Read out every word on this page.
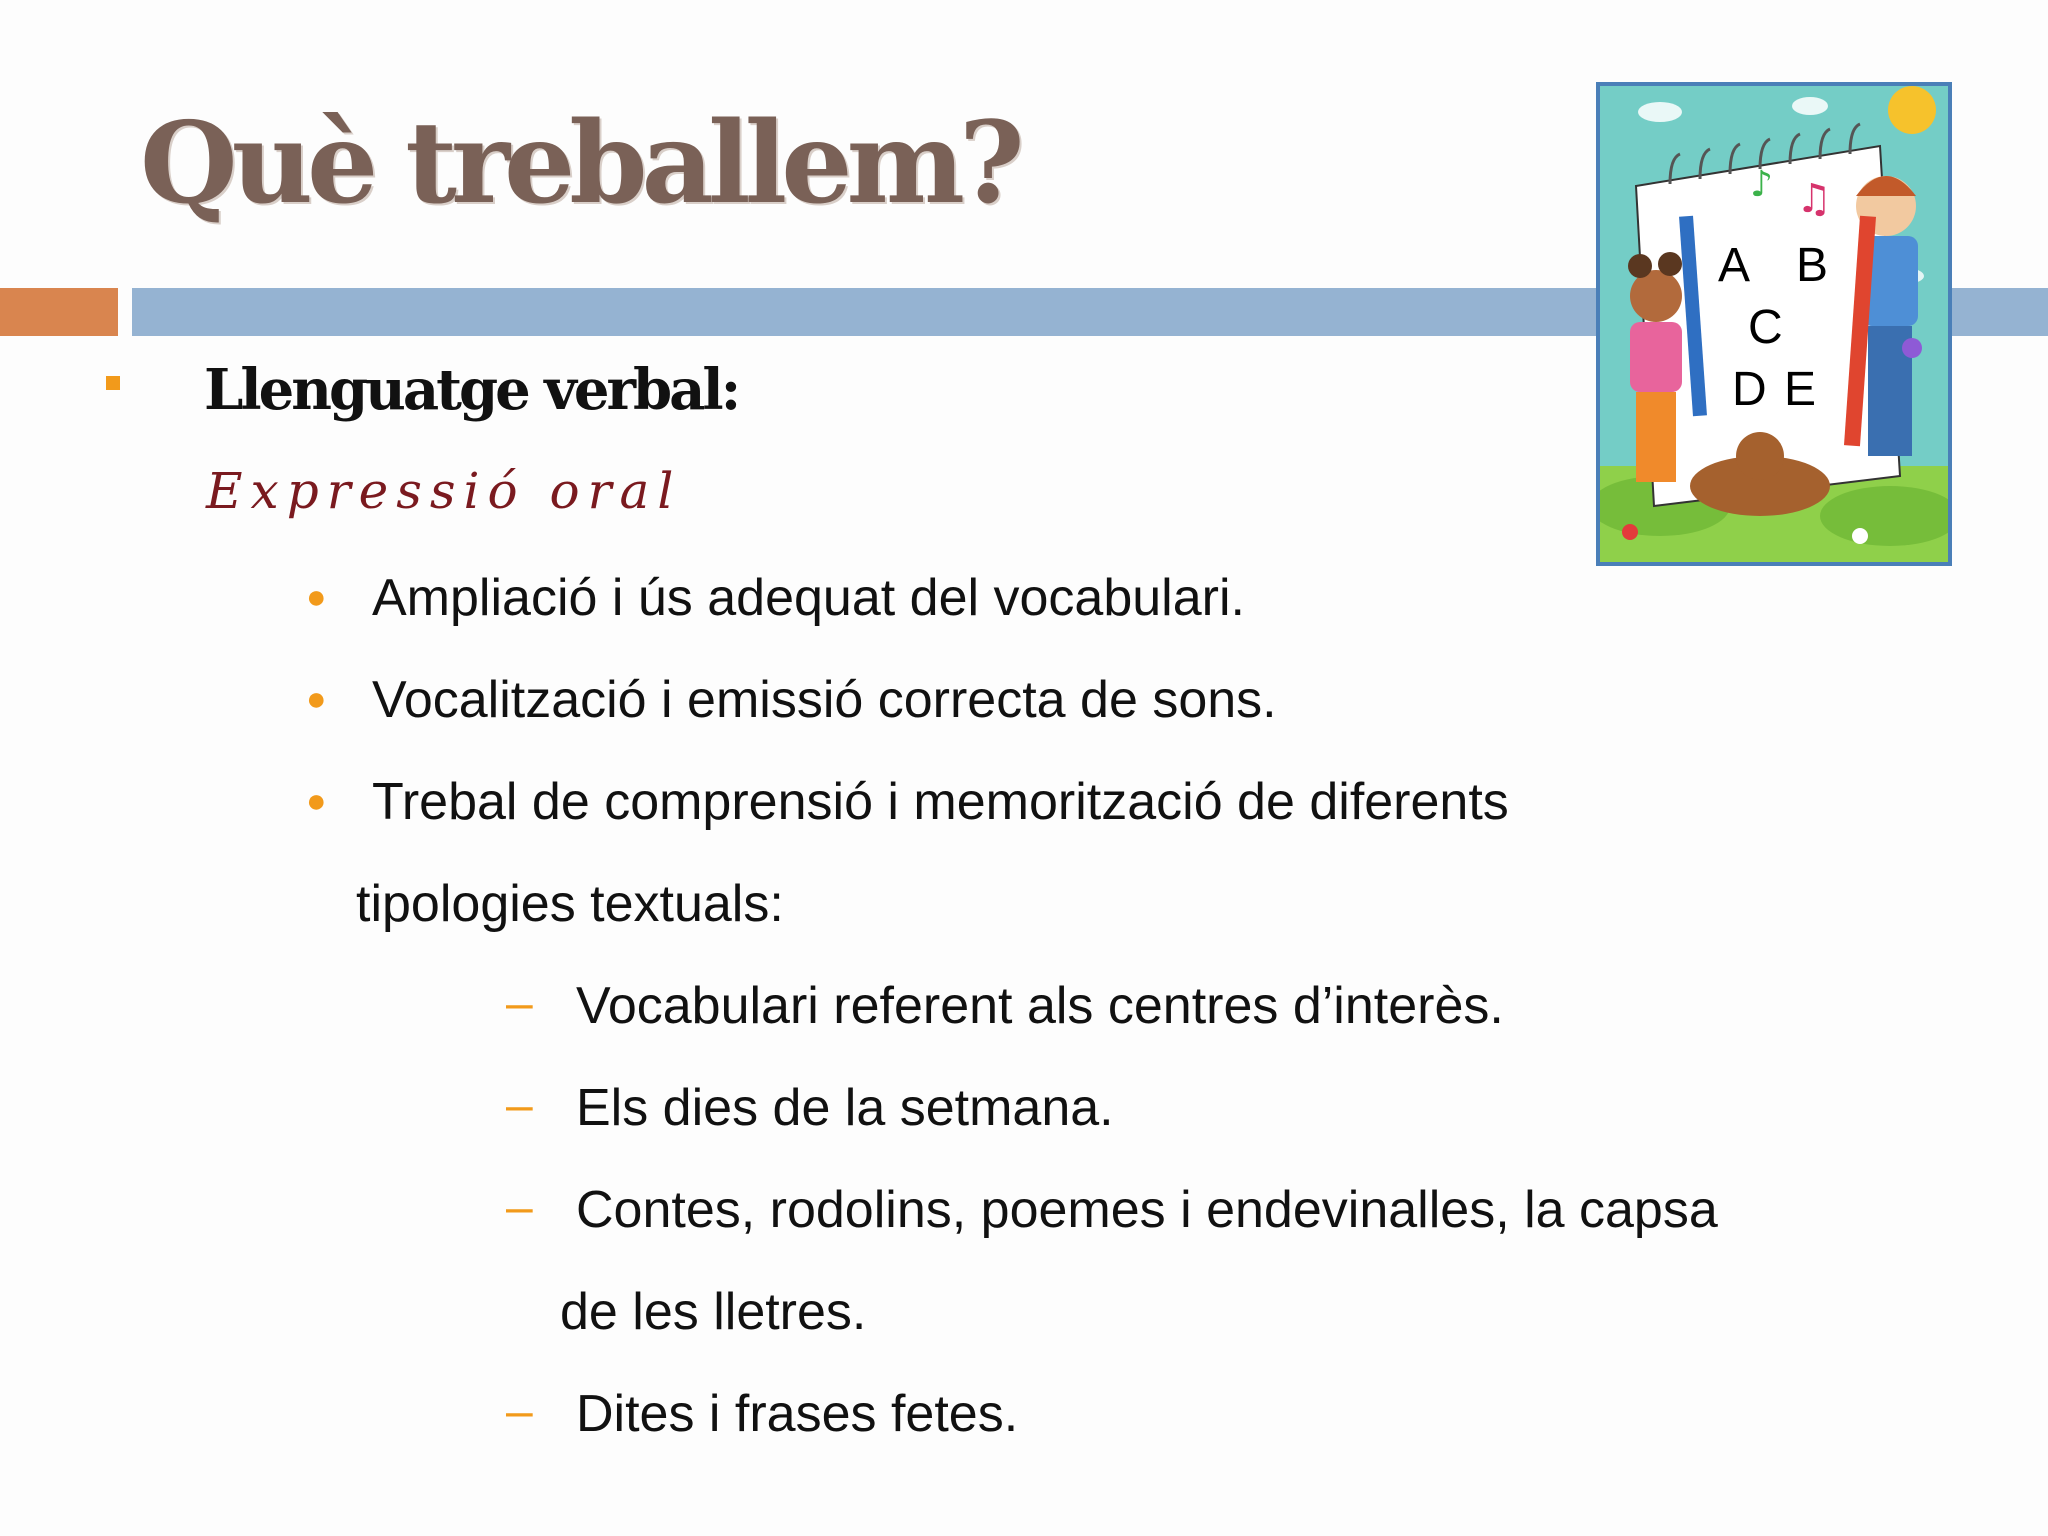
Què treballem?
Llenguatge verbal:

Expressió oral

● Ampliació i ús adequat del vocabulari.
● Vocalització i emissió correcta de sons.
● Trebal de comprensió i memorització de diferents
tipologies textuals:
– Vocabulari referent als centres d’interès.
– Els dies de la setmana.
– Contes, rodolins, poemes i endevinalles, la capsa
de les lletres.
– Dites i frases fetes.
♪ ♫
A B
C
D E
